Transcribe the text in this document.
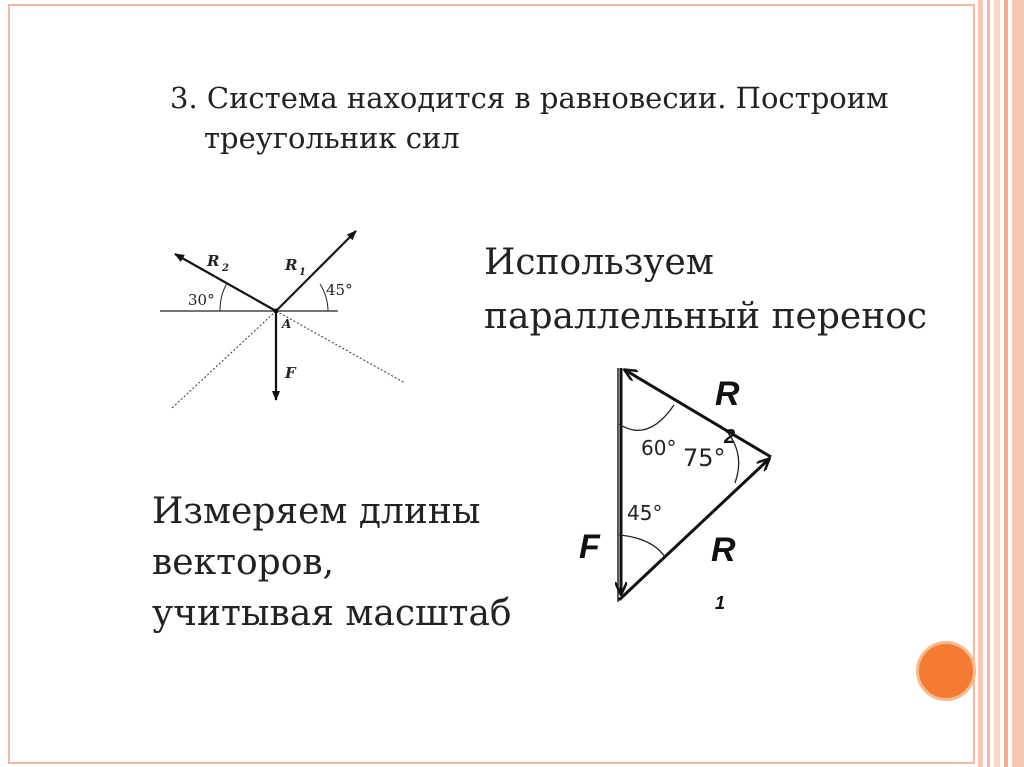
3. Система находится в равновесии. Построим
треугольник сил
Используем
параллельный перенос
Измеряем длины
векторов,
учитывая масштаб
R 2	R 1
F
A
30°
45°
60° 75°
45°
R
2
R
1
F
